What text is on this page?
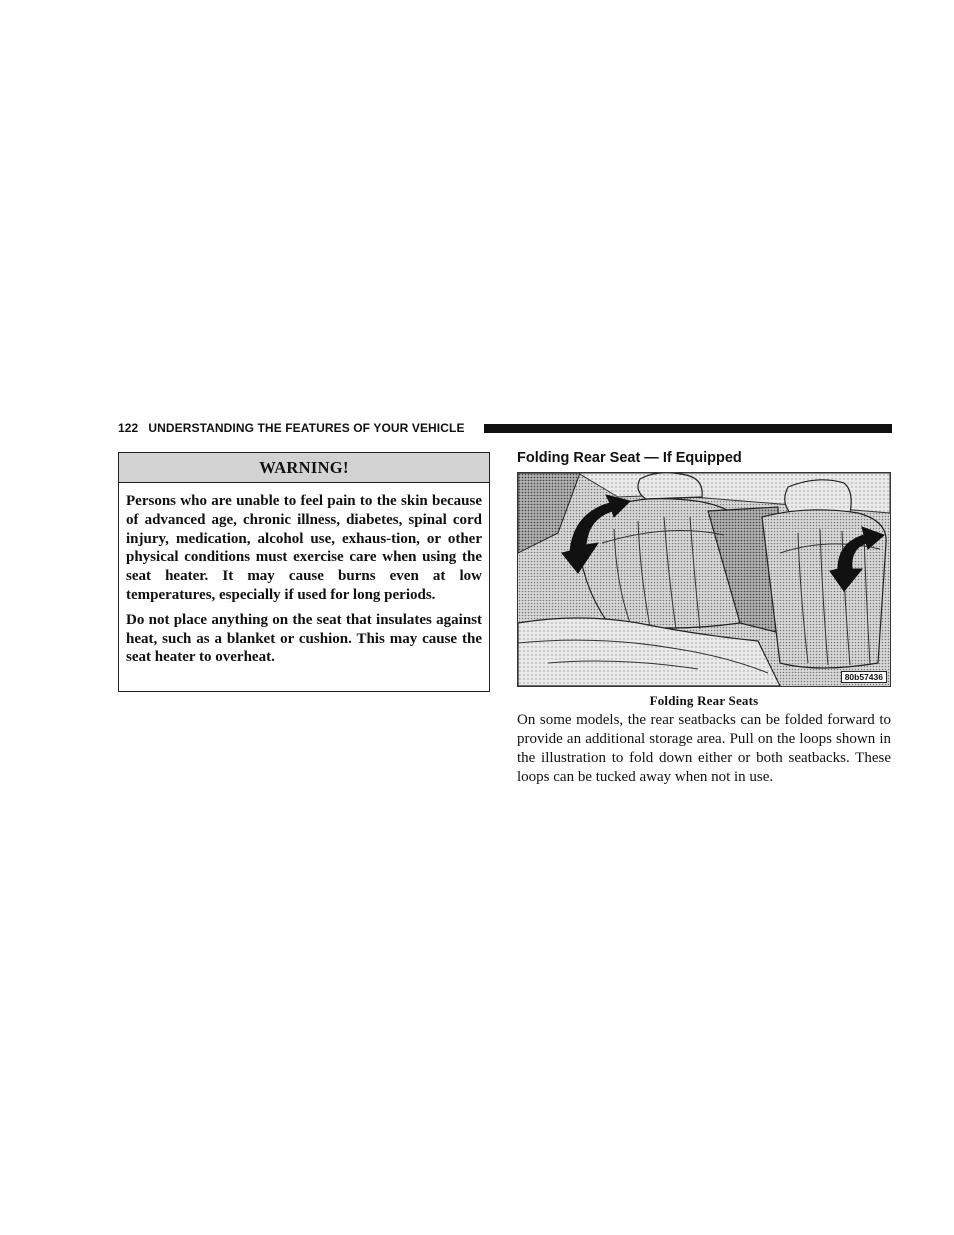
122 UNDERSTANDING THE FEATURES OF YOUR VEHICLE
WARNING!

Persons who are unable to feel pain to the skin because of advanced age, chronic illness, diabetes, spinal cord injury, medication, alcohol use, exhaus-tion, or other physical conditions must exercise care when using the seat heater. It may cause burns even at low temperatures, especially if used for long periods.

Do not place anything on the seat that insulates against heat, such as a blanket or cushion. This may cause the seat heater to overheat.

Folding Rear Seat — If Equipped
80b57436
Folding Rear Seats

On some models, the rear seatbacks can be folded forward to provide an additional storage area. Pull on the loops shown in the illustration to fold down either or both seatbacks. These loops can be tucked away when not in use.
